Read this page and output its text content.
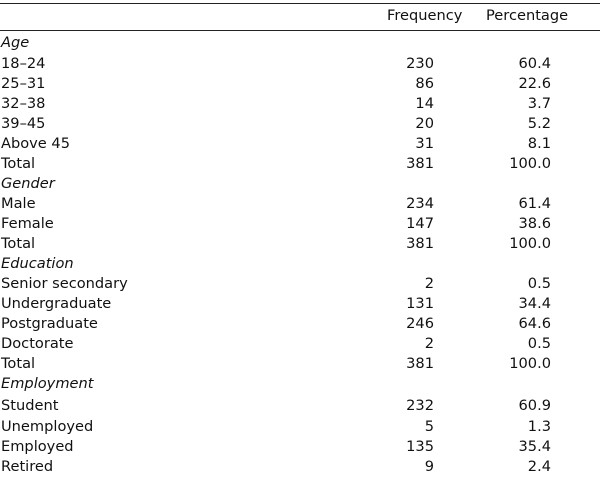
Frequency Percentage
Age
18–24	230	60.4
25–31	86	22.6
32–38	14	3.7
39–45	20	5.2
Above 45	31	8.1
Total	381	100.0
Gender
Male	234	61.4
Female	147	38.6
Total	381	100.0
Education
Senior secondary	2	0.5
Undergraduate	131	34.4
Postgraduate	246	64.6
Doctorate	2	0.5
Total	381	100.0
Employment
Student	232	60.9
Unemployed	5	1.3
Employed	135	35.4
Retired	9	2.4
